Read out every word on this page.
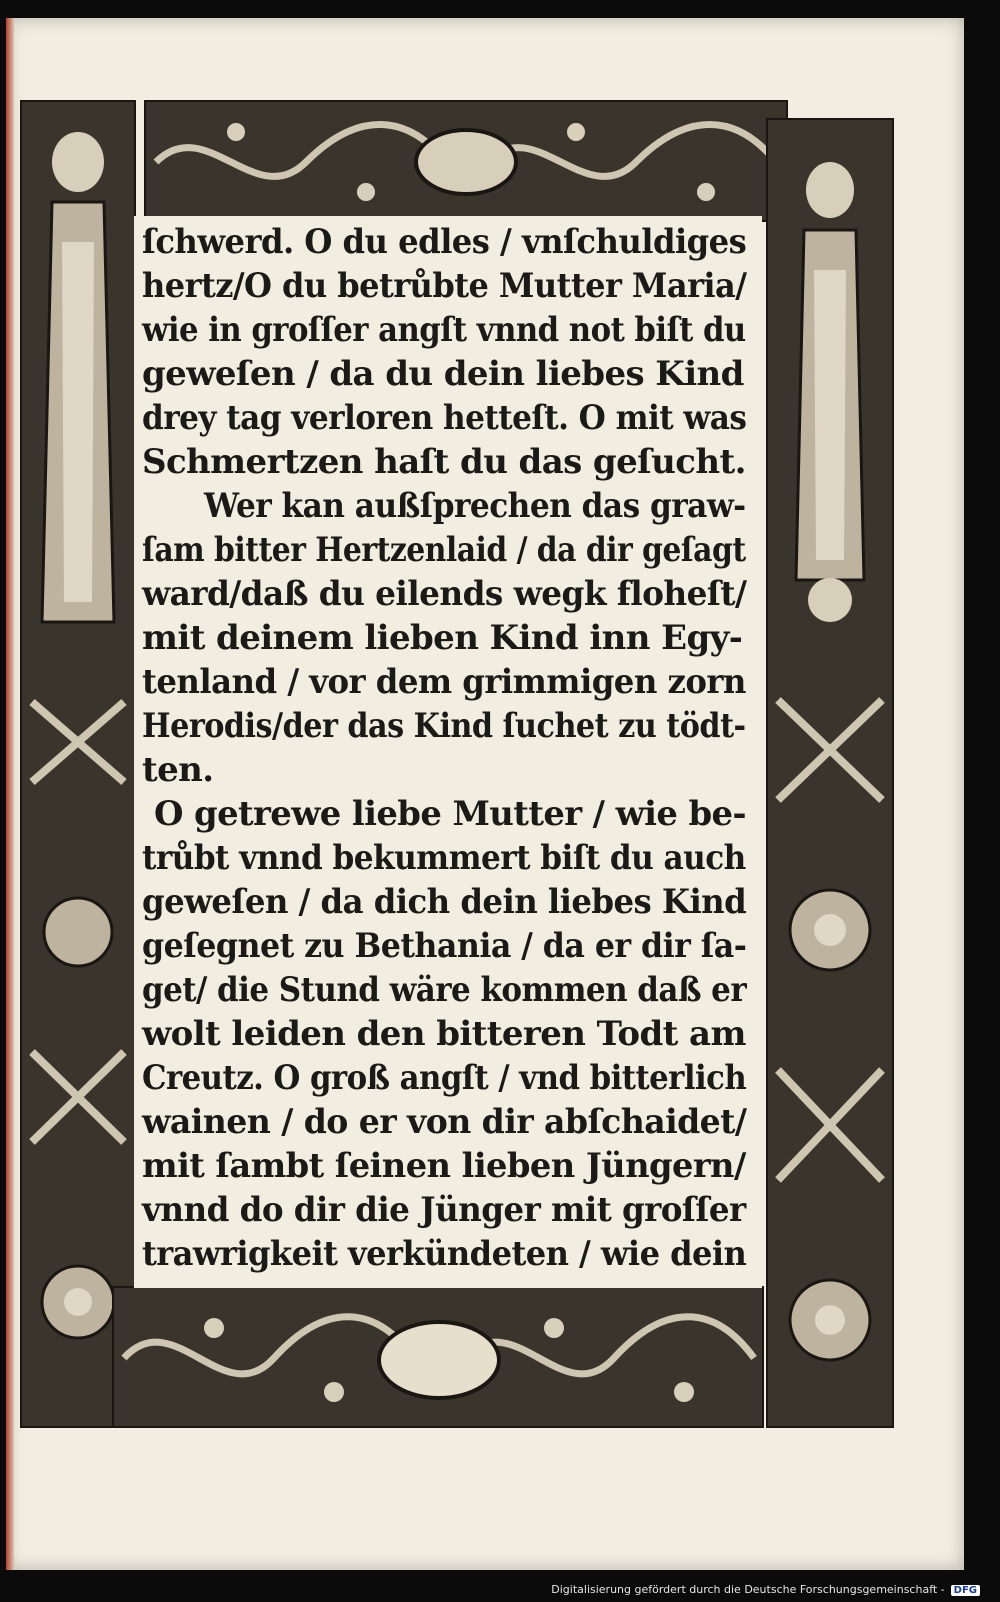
ſchwerd. O du edles / vnſchuldiges
hertz/O du betrůbte Mutter Maria/
wie in groſſer angſt vnnd not biſt du
geweſen / da du dein liebes Kind
drey tag verloren hetteſt. O mit was
Schmertzen haſt du das geſucht.
Wer kan außſprechen das graw-
ſam bitter Hertzenlaid / da dir geſagt
ward/daß du eilends wegk floheſt/
mit deinem lieben Kind inn Egy-
tenland / vor dem grimmigen zorn
Herodis/der das Kind ſuchet zu tödt-
ten.
O getrewe liebe Mutter / wie be-
trůbt vnnd bekummert biſt du auch
geweſen / da dich dein liebes Kind
geſegnet zu Bethania / da er dir ſa-
get/ die Stund wäre kommen daß er
wolt leiden den bitteren Todt am
Creutz. O groß angſt / vnd bitterlich
wainen / do er von dir abſchaidet/
mit ſambt ſeinen lieben Jüngern/
vnnd do dir die Jünger mit groſſer
trawrigkeit verkündeten / wie dein
Digitalisierung gefördert durch die Deutsche Forschungsgemeinschaft - DFG
